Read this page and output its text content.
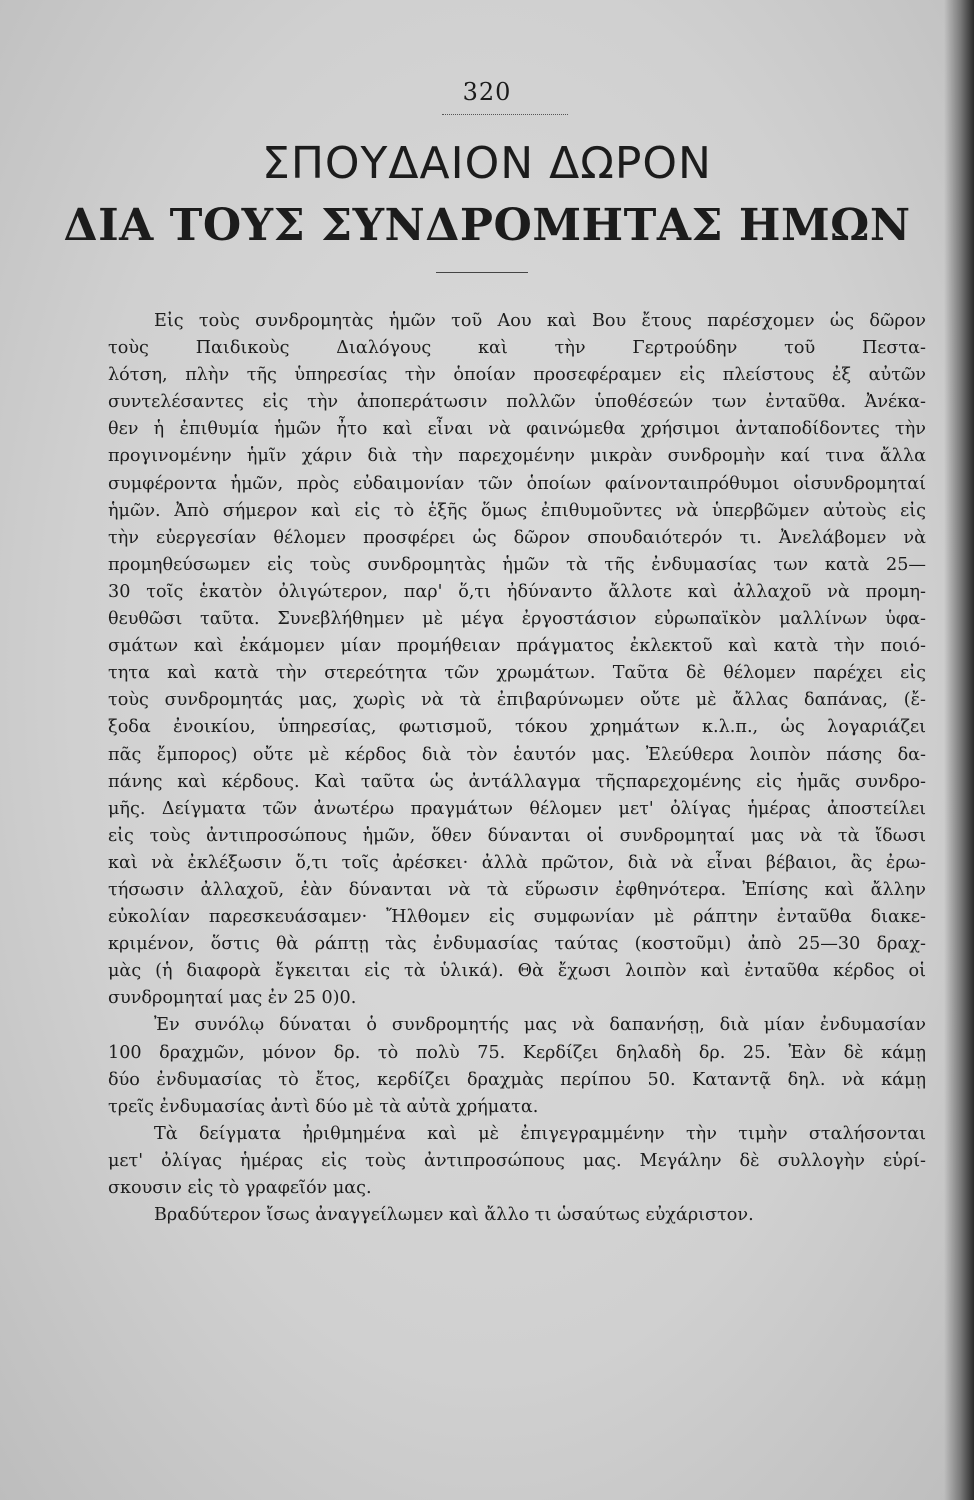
320
ΣΠΟΥΔΑΙΟΝ ΔΩΡΟΝ
ΔΙΑ ΤΟΥΣ ΣΥΝΔΡΟΜΗΤΑΣ ΗΜΩΝ
Εἰς τοὺς συνδρομητὰς ἡμῶν τοῦ Αου καὶ Βου ἔτους παρέσχομεν ὡς δῶρον
τοὺς Παιδικοὺς Διαλόγους καὶ τὴν Γερτρούδην τοῦ Πεστα-
λότση, πλὴν τῆς ὑπηρεσίας τὴν ὁποίαν προσεφέραμεν εἰς πλείστους ἐξ αὐτῶν
συντελέσαντες εἰς τὴν ἀποπεράτωσιν πολλῶν ὑποθέσεών των ἐνταῦθα. Ἀνέκα-
θεν ἡ ἐπιθυμία ἡμῶν ἦτο καὶ εἶναι νὰ φαινώμεθα χρήσιμοι ἀνταποδίδοντες τὴν
προγινομένην ἡμῖν χάριν διὰ τὴν παρεχομένην μικρὰν συνδρομὴν καί τινα ἄλλα
συμφέροντα ἡμῶν, πρὸς εὐδαιμονίαν τῶν ὁποίων φαίνονταιπρόθυμοι οἱσυνδρομηταί
ἡμῶν. Ἀπὸ σήμερον καὶ εἰς τὸ ἑξῆς ὅμως ἐπιθυμοῦντες νὰ ὑπερβῶμεν αὐτοὺς εἰς
τὴν εὐεργεσίαν θέλομεν προσφέρει ὡς δῶρον σπουδαιότερόν τι. Ἀνελάβομεν νὰ
προμηθεύσωμεν εἰς τοὺς συνδρομητὰς ἡμῶν τὰ τῆς ἐνδυμασίας των κατὰ 25—
30 τοῖς ἑκατὸν ὀλιγώτερον, παρ' ὅ,τι ἠδύναντο ἄλλοτε καὶ ἀλλαχοῦ νὰ προμη-
θευθῶσι ταῦτα. Συνεβλήθημεν μὲ μέγα ἐργοστάσιον εὐρωπαϊκὸν μαλλίνων ὑφα-
σμάτων καὶ ἐκάμομεν μίαν προμήθειαν πράγματος ἐκλεκτοῦ καὶ κατὰ τὴν ποιό-
τητα καὶ κατὰ τὴν στερεότητα τῶν χρωμάτων. Ταῦτα δὲ θέλομεν παρέχει εἰς
τοὺς συνδρομητάς μας, χωρὶς νὰ τὰ ἐπιβαρύνωμεν οὔτε μὲ ἄλλας δαπάνας, (ἔ-
ξοδα ἐνοικίου, ὑπηρεσίας, φωτισμοῦ, τόκου χρημάτων κ.λ.π., ὡς λογαριάζει
πᾶς ἔμπορος) οὔτε μὲ κέρδος διὰ τὸν ἑαυτόν μας. Ἐλεύθερα λοιπὸν πάσης δα-
πάνης καὶ κέρδους. Καὶ ταῦτα ὡς ἀντάλλαγμα τῆςπαρεχομένης εἰς ἡμᾶς συνδρο-
μῆς. Δείγματα τῶν ἀνωτέρω πραγμάτων θέλομεν μετ' ὀλίγας ἡμέρας ἀποστείλει
εἰς τοὺς ἀντιπροσώπους ἡμῶν, ὅθεν δύνανται οἱ συνδρομηταί μας νὰ τὰ ἴδωσι
καὶ νὰ ἐκλέξωσιν ὅ,τι τοῖς ἀρέσκει· ἀλλὰ πρῶτον, διὰ νὰ εἶναι βέβαιοι, ἂς ἐρω-
τήσωσιν ἀλλαχοῦ, ἐὰν δύνανται νὰ τὰ εὕρωσιν ἐφθηνότερα. Ἐπίσης καὶ ἄλλην
εὐκολίαν παρεσκευάσαμεν· Ἤλθομεν εἰς συμφωνίαν μὲ ράπτην ἐνταῦθα διακε-
κριμένον, ὅστις θὰ ράπτῃ τὰς ἐνδυμασίας ταύτας (κοστοῦμι) ἀπὸ 25—30 δραχ-
μὰς (ἡ διαφορὰ ἔγκειται εἰς τὰ ὑλικά). Θὰ ἔχωσι λοιπὸν καὶ ἐνταῦθα κέρδος οἱ
συνδρομηταί μας ἐν 25 0)0.
Ἐν συνόλῳ δύναται ὁ συνδρομητής μας νὰ δαπανήσῃ, διὰ μίαν ἐνδυμασίαν
100 δραχμῶν, μόνον δρ. τὸ πολὺ 75. Κερδίζει δηλαδὴ δρ. 25. Ἐὰν δὲ κάμῃ
δύο ἐνδυμασίας τὸ ἔτος, κερδίζει δραχμὰς περίπου 50. Καταντᾷ δηλ. νὰ κάμῃ
τρεῖς ἐνδυμασίας ἀντὶ δύο μὲ τὰ αὐτὰ χρήματα.
Τὰ δείγματα ἠριθμημένα καὶ μὲ ἐπιγεγραμμένην τὴν τιμὴν σταλήσονται
μετ' ὀλίγας ἡμέρας εἰς τοὺς ἀντιπροσώπους μας. Μεγάλην δὲ συλλογὴν εὑρί-
σκουσιν εἰς τὸ γραφεῖόν μας.
Βραδύτερον ἴσως ἀναγγείλωμεν καὶ ἄλλο τι ὡσαύτως εὐχάριστον.
